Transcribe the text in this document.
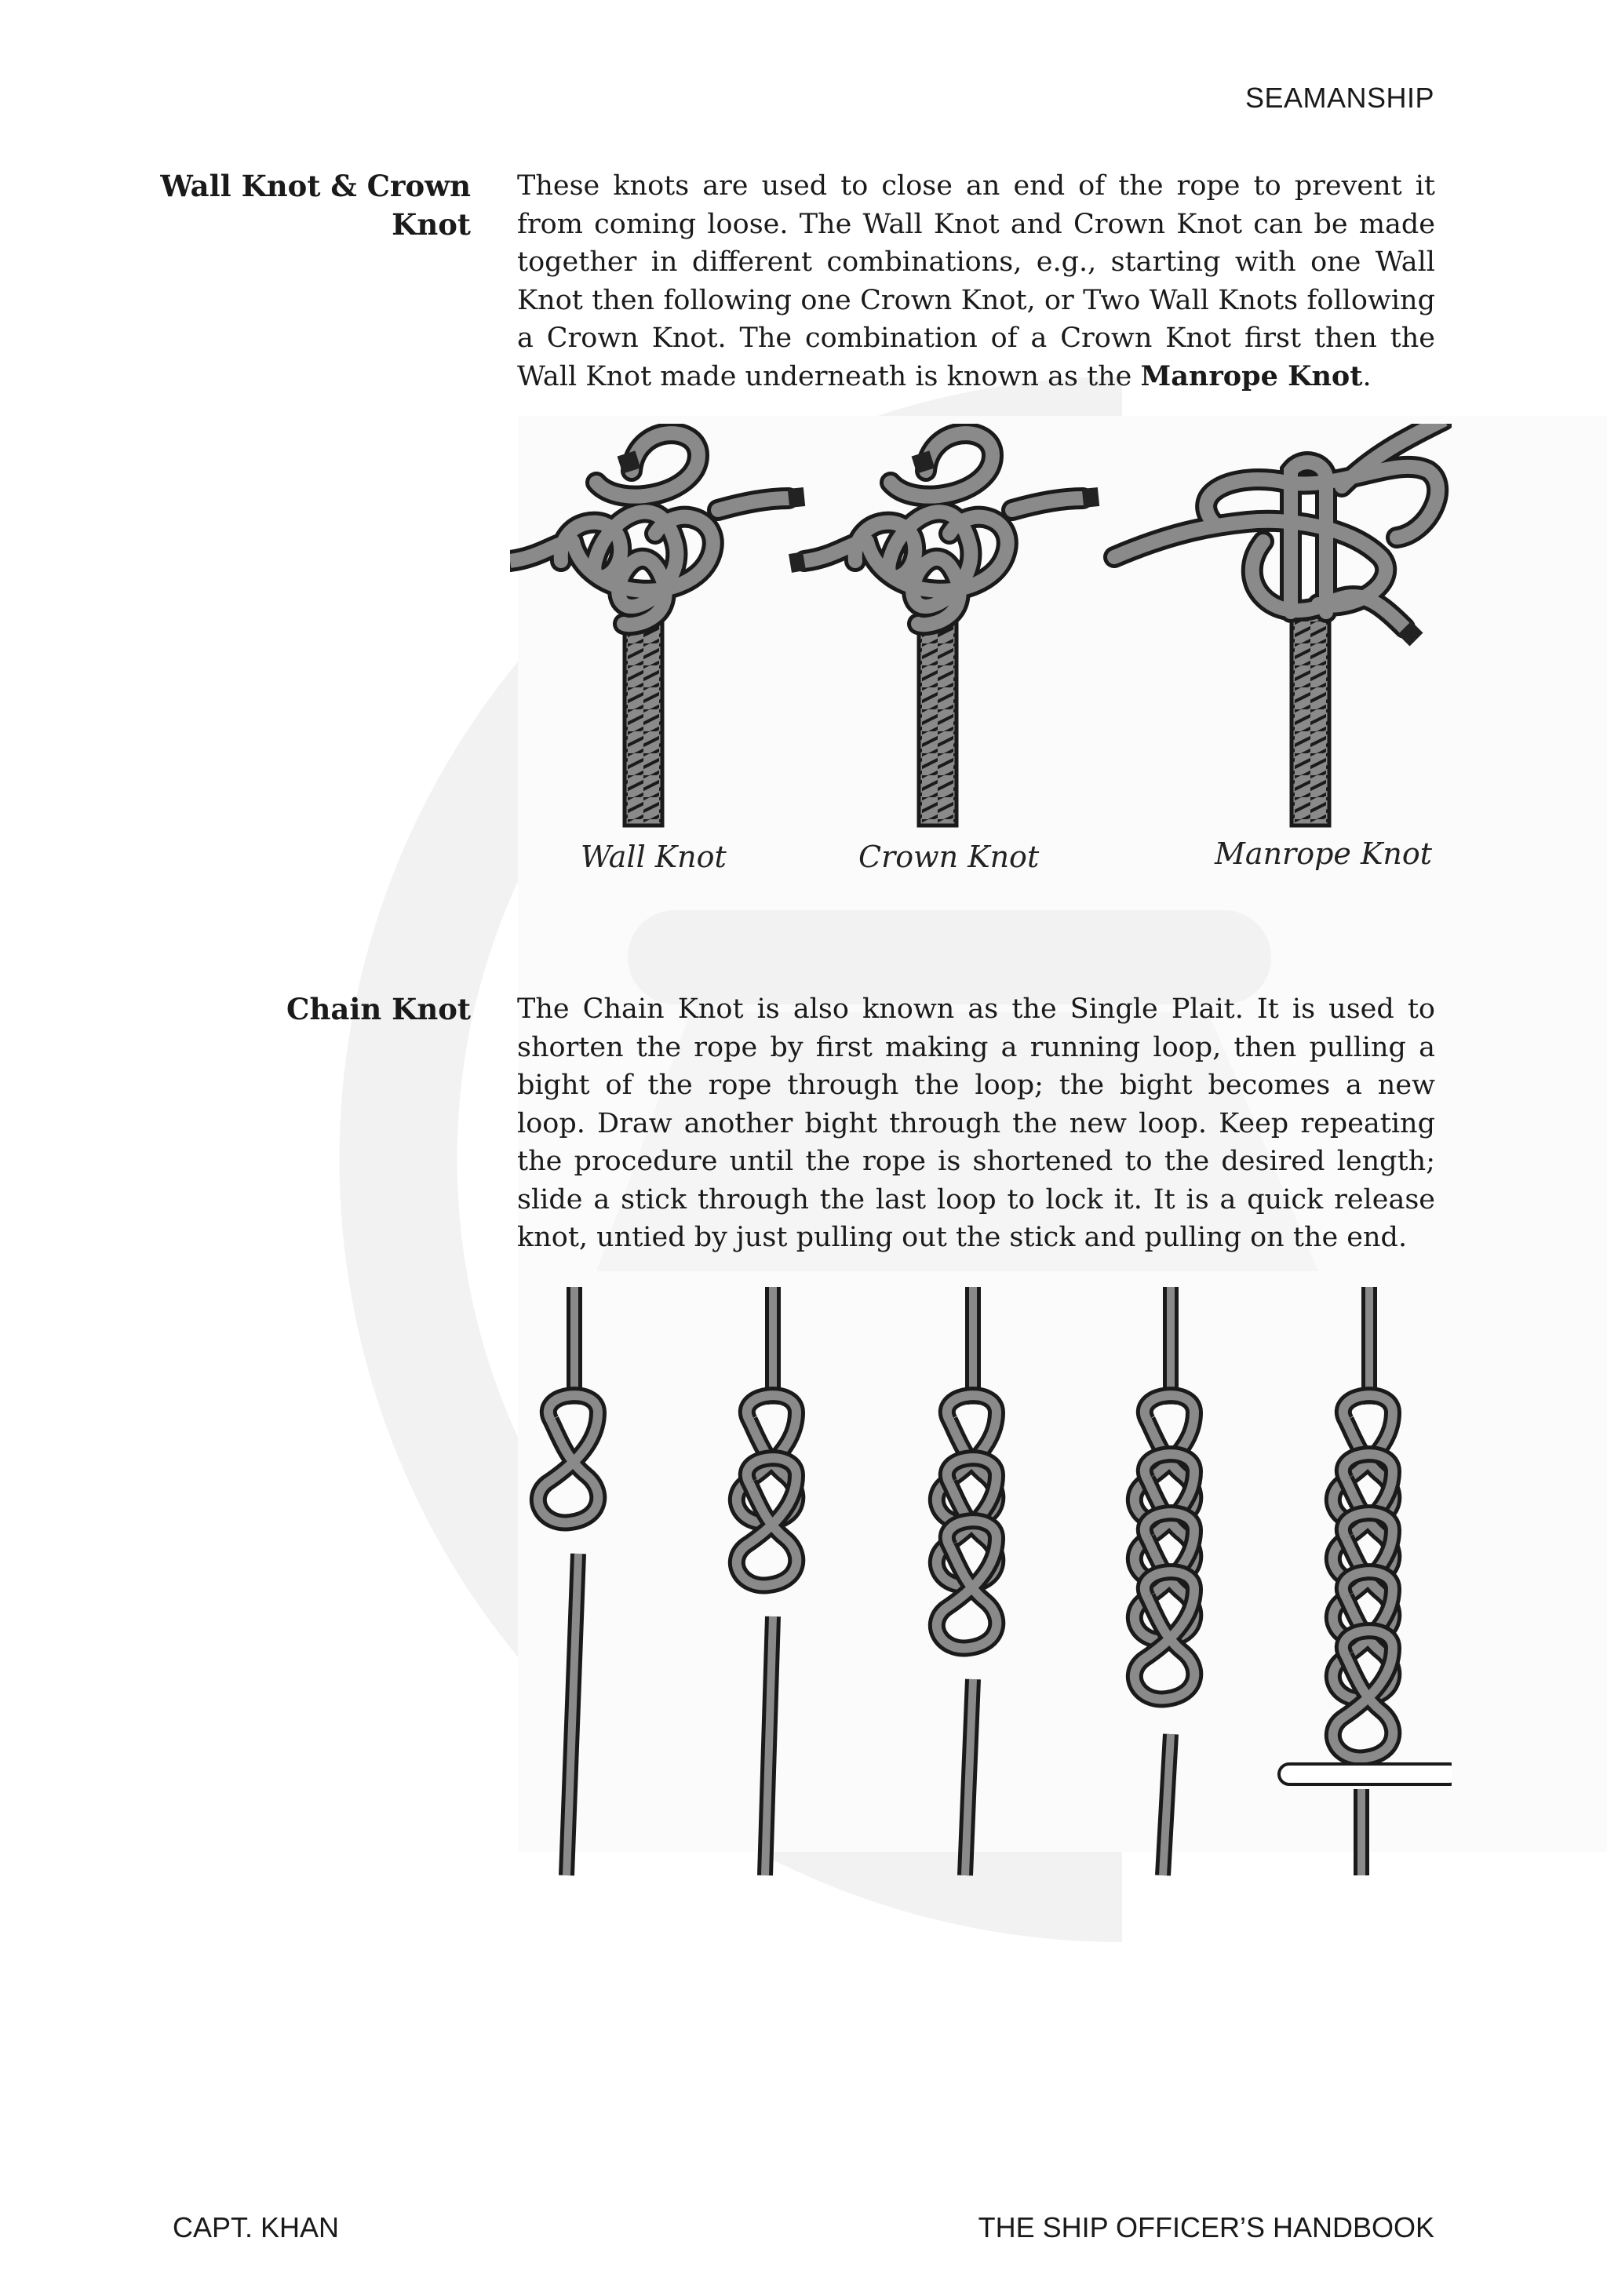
SEAMANSHIP
Wall Knot & Crown
Knot
These knots are used to close an end of the rope to prevent it from coming loose. The Wall Knot and Crown Knot can be made together in different combinations, e.g., starting with one Wall Knot then following one Crown Knot, or Two Wall Knots following a Crown Knot. The combination of a Crown Knot first then the Wall Knot made underneath is known as the Manrope Knot.
Wall Knot	Crown Knot	Manrope Knot
Chain Knot The Chain Knot is also known as the Single Plait. It is used to shorten the rope by first making a running loop, then pulling a bight of the rope through the loop; the bight becomes a new loop. Draw another bight through the new loop. Keep repeating the procedure until the rope is shortened to the desired length; slide a stick through the last loop to lock it. It is a quick release knot, untied by just pulling out the stick and pulling on the end.
CAPT. KHAN	THE SHIP OFFICER’S HANDBOOK
